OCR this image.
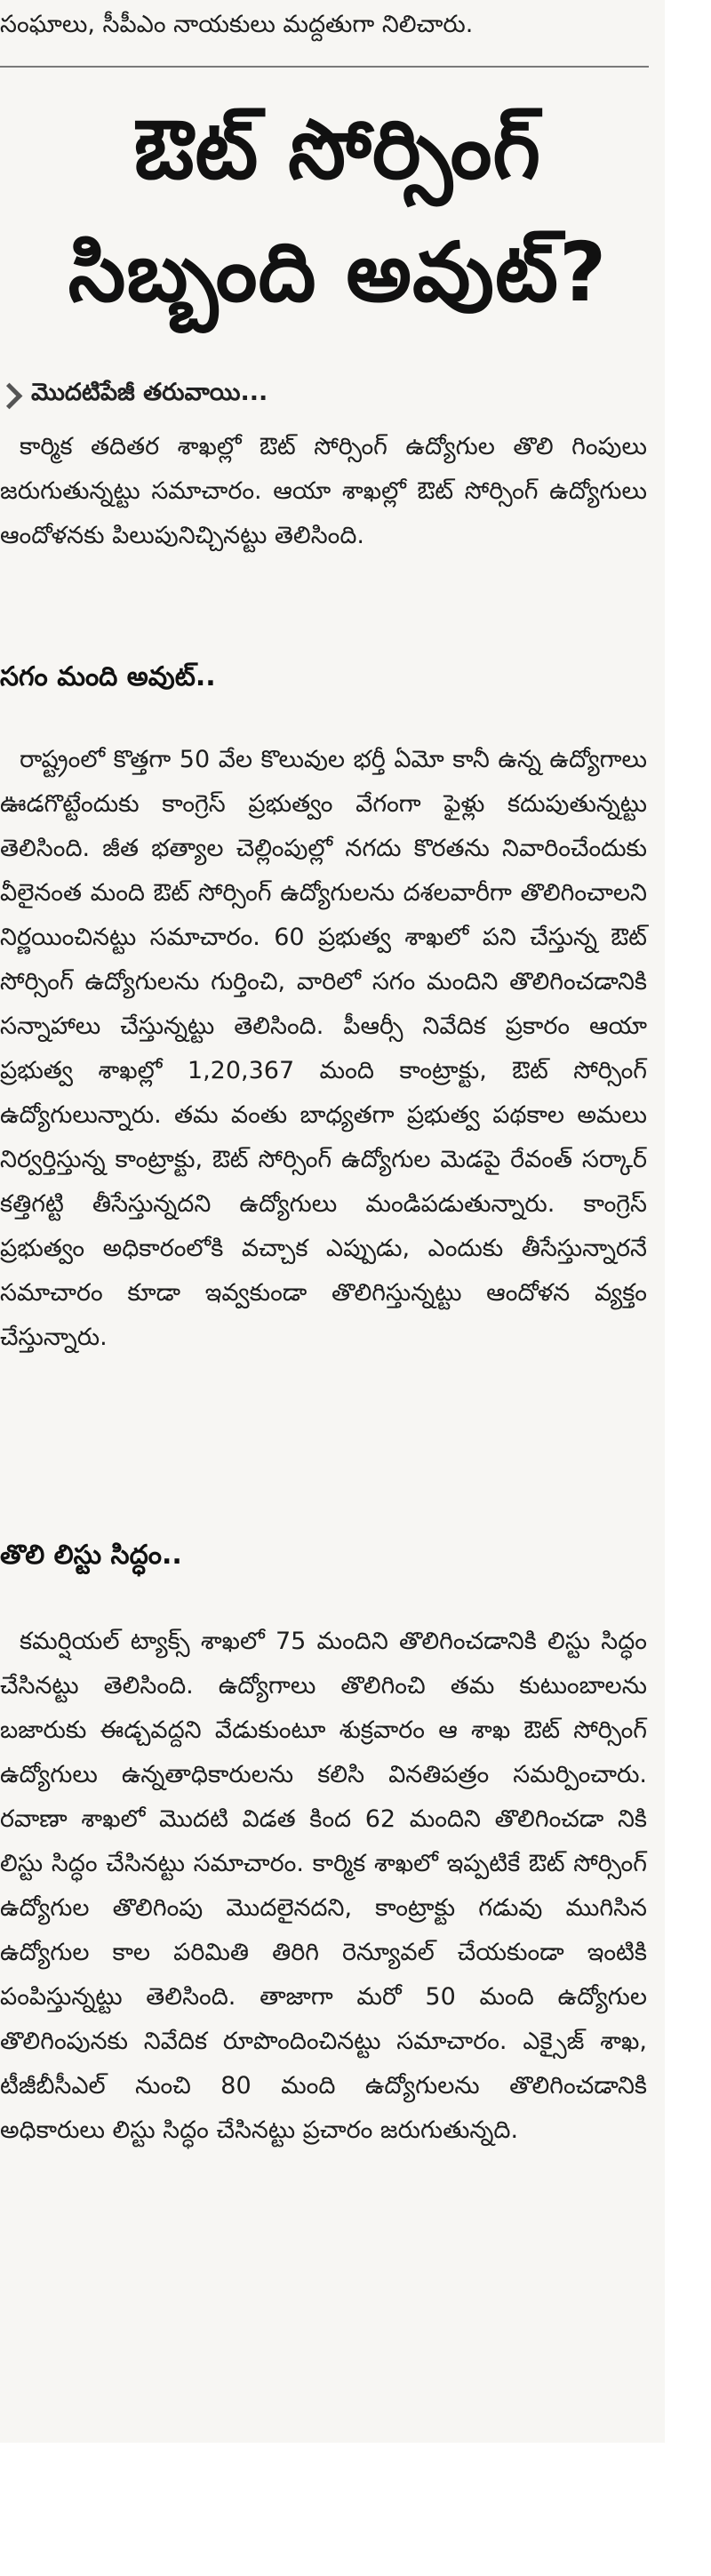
సంఘాలు, సీపీఎం నాయకులు మద్దతుగా నిలిచారు.
ఔట్ సోర్సింగ్
సిబ్బంది అవుట్?
మొదటిపేజీ తరువాయి...
కార్మిక తదితర శాఖల్లో ఔట్ సోర్సింగ్ ఉద్యోగుల తొలి గింపులు జరుగుతున్నట్టు సమాచారం. ఆయా శాఖల్లో ఔట్ సోర్సింగ్ ఉద్యోగులు ఆందోళనకు పిలుపునిచ్చినట్టు తెలిసింది.
సగం మంది అవుట్..
రాష్ట్రంలో కొత్తగా 50 వేల కొలువుల భర్తీ ఏమో కానీ ఉన్న ఉద్యోగాలు ఊడగొట్టేందుకు కాంగ్రెస్ ప్రభుత్వం వేగంగా ఫైళ్లు కదుపుతున్నట్టు తెలిసింది. జీత భత్యాల చెల్లింపుల్లో నగదు కొరతను నివారించేందుకు వీలైనంత మంది ఔట్ సోర్సింగ్ ఉద్యోగులను దశలవారీగా తొలిగించాలని నిర్ణయించినట్టు సమాచారం. 60 ప్రభుత్వ శాఖలో పని చేస్తున్న ఔట్ సోర్సింగ్ ఉద్యోగులను గుర్తించి, వారిలో సగం మందిని తొలిగించడానికి సన్నాహాలు చేస్తున్నట్టు తెలిసింది. పీఆర్సీ నివేదిక ప్రకారం ఆయా ప్రభుత్వ శాఖల్లో 1,20,367 మంది కాంట్రాక్టు, ఔట్ సోర్సింగ్ ఉద్యోగులున్నారు. తమ వంతు బాధ్యతగా ప్రభుత్వ పథకాల అమలు నిర్వర్తిస్తున్న కాంట్రాక్టు, ఔట్ సోర్సింగ్ ఉద్యోగుల మెడపై రేవంత్ సర్కార్ కత్తిగట్టి తీసేస్తున్నదని ఉద్యోగులు మండిపడుతున్నారు. కాంగ్రెస్ ప్రభుత్వం అధికారంలోకి వచ్చాక ఎప్పుడు, ఎందుకు తీసేస్తున్నారనే సమాచారం కూడా ఇవ్వకుండా తొలిగిస్తున్నట్టు ఆందోళన వ్యక్తం చేస్తున్నారు.
తొలి లిస్టు సిద్ధం..
కమర్షియల్ ట్యాక్స్ శాఖలో 75 మందిని తొలిగించడానికి లిస్టు సిద్ధం చేసినట్టు తెలిసింది. ఉద్యోగాలు తొలిగించి తమ కుటుంబాలను బజారుకు ఈడ్చవద్దని వేడుకుంటూ శుక్రవారం ఆ శాఖ ఔట్ సోర్సింగ్ ఉద్యోగులు ఉన్నతాధికారులను కలిసి వినతిపత్రం సమర్పించారు. రవాణా శాఖలో మొదటి విడత కింద 62 మందిని తొలిగించడా నికి లిస్టు సిద్ధం చేసినట్టు సమాచారం. కార్మిక శాఖలో ఇప్పటికే ఔట్ సోర్సింగ్ ఉద్యోగుల తొలిగింపు మొదలైనదని, కాంట్రాక్టు గడువు ముగిసిన ఉద్యోగుల కాల పరిమితి తిరిగి రెన్యూవల్ చేయకుండా ఇంటికి పంపిస్తున్నట్టు తెలిసింది. తాజాగా మరో 50 మంది ఉద్యోగుల తొలిగింపునకు నివేదిక రూపొందించినట్టు సమాచారం. ఎక్సైజ్ శాఖ, టీజీబీసీఎల్ నుంచి 80 మంది ఉద్యోగులను తొలిగించడానికి అధికారులు లిస్టు సిద్ధం చేసినట్టు ప్రచారం జరుగుతున్నది.
